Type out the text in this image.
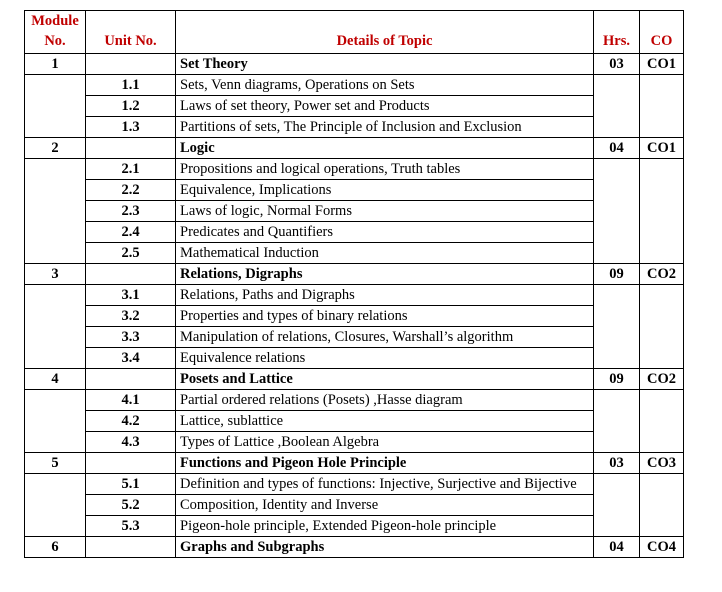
Module No.	Unit No.	Details of Topic	Hrs.	CO
1		Set Theory	03	CO1
	1.1	Sets, Venn diagrams, Operations on Sets		
	1.2	Laws of set theory, Power set and Products		
	1.3	Partitions of sets, The Principle of Inclusion and Exclusion		
2		Logic	04	CO1
	2.1	Propositions and logical operations, Truth tables		
	2.2	Equivalence, Implications		
	2.3	Laws of logic, Normal Forms		
	2.4	Predicates and Quantifiers		
	2.5	Mathematical Induction		
3		Relations, Digraphs	09	CO2
	3.1	Relations, Paths and Digraphs		
	3.2	Properties and types of binary relations		
	3.3	Manipulation of relations, Closures, Warshall’s algorithm		
	3.4	Equivalence relations		
4		Posets and Lattice	09	CO2
	4.1	Partial ordered relations (Posets) ,Hasse diagram		
	4.2	Lattice, sublattice		
	4.3	Types of Lattice ,Boolean Algebra		
5		Functions and Pigeon Hole Principle	03	CO3
	5.1	Definition and types of functions: Injective, Surjective and Bijective		
	5.2	Composition, Identity and Inverse		
	5.3	Pigeon-hole principle, Extended Pigeon-hole principle		
6		Graphs and Subgraphs	04	CO4
